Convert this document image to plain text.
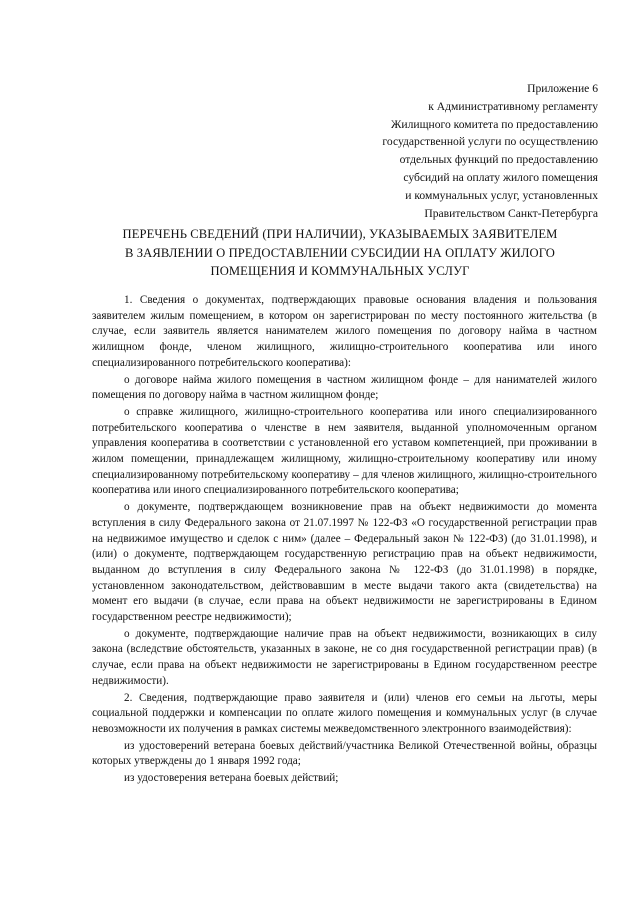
Приложение 6
к Административному регламенту
Жилищного комитета по предоставлению
государственной услуги по осуществлению
отдельных функций по предоставлению
субсидий на оплату жилого помещения
и коммунальных услуг, установленных
Правительством Санкт-Петербурга
ПЕРЕЧЕНЬ СВЕДЕНИЙ (ПРИ НАЛИЧИИ), УКАЗЫВАЕМЫХ ЗАЯВИТЕЛЕМ
В ЗАЯВЛЕНИИ О ПРЕДОСТАВЛЕНИИ СУБСИДИИ НА ОПЛАТУ ЖИЛОГО
ПОМЕЩЕНИЯ И КОММУНАЛЬНЫХ УСЛУГ

1. Сведения о документах, подтверждающих правовые основания владения и пользования заявителем жилым помещением, в котором он зарегистрирован по месту постоянного жительства (в случае, если заявитель является нанимателем жилого помещения по договору найма в частном жилищном фонде, членом жилищного, жилищно-строительного кооператива или иного специализированного потребительского кооператива):

о договоре найма жилого помещения в частном жилищном фонде – для нанимателей жилого помещения по договору найма в частном жилищном фонде;

о справке жилищного, жилищно-строительного кооператива или иного специализированного потребительского кооператива о членстве в нем заявителя, выданной уполномоченным органом управления кооператива в соответствии с установленной его уставом компетенцией, при проживании в жилом помещении, принадлежащем жилищному, жилищно-строительному кооперативу или иному специализированному потребительскому кооперативу – для членов жилищного, жилищно-строительного кооператива или иного специализированного потребительского кооператива;

о документе, подтверждающем возникновение прав на объект недвижимости до момента вступления в силу Федерального закона от 21.07.1997 № 122-ФЗ «О государственной регистрации прав на недвижимое имущество и сделок с ним» (далее – Федеральный закон № 122-ФЗ) (до 31.01.1998), и (или) о документе, подтверждающем государственную регистрацию прав на объект недвижимости, выданном до вступления в силу Федерального закона № 122-ФЗ (до 31.01.1998) в порядке, установленном законодательством, действовавшим в месте выдачи такого акта (свидетельства) на момент его выдачи (в случае, если права на объект недвижимости не зарегистрированы в Едином государственном реестре недвижимости);

о документе, подтверждающие наличие прав на объект недвижимости, возникающих в силу закона (вследствие обстоятельств, указанных в законе, не со дня государственной регистрации прав) (в случае, если права на объект недвижимости не зарегистрированы в Едином государственном реестре недвижимости).

2. Сведения, подтверждающие право заявителя и (или) членов его семьи на льготы, меры социальной поддержки и компенсации по оплате жилого помещения и коммунальных услуг (в случае невозможности их получения в рамках системы межведомственного электронного взаимодействия):

из удостоверений ветерана боевых действий/участника Великой Отечественной войны, образцы которых утверждены до 1 января 1992 года;

из удостоверения ветерана боевых действий;
